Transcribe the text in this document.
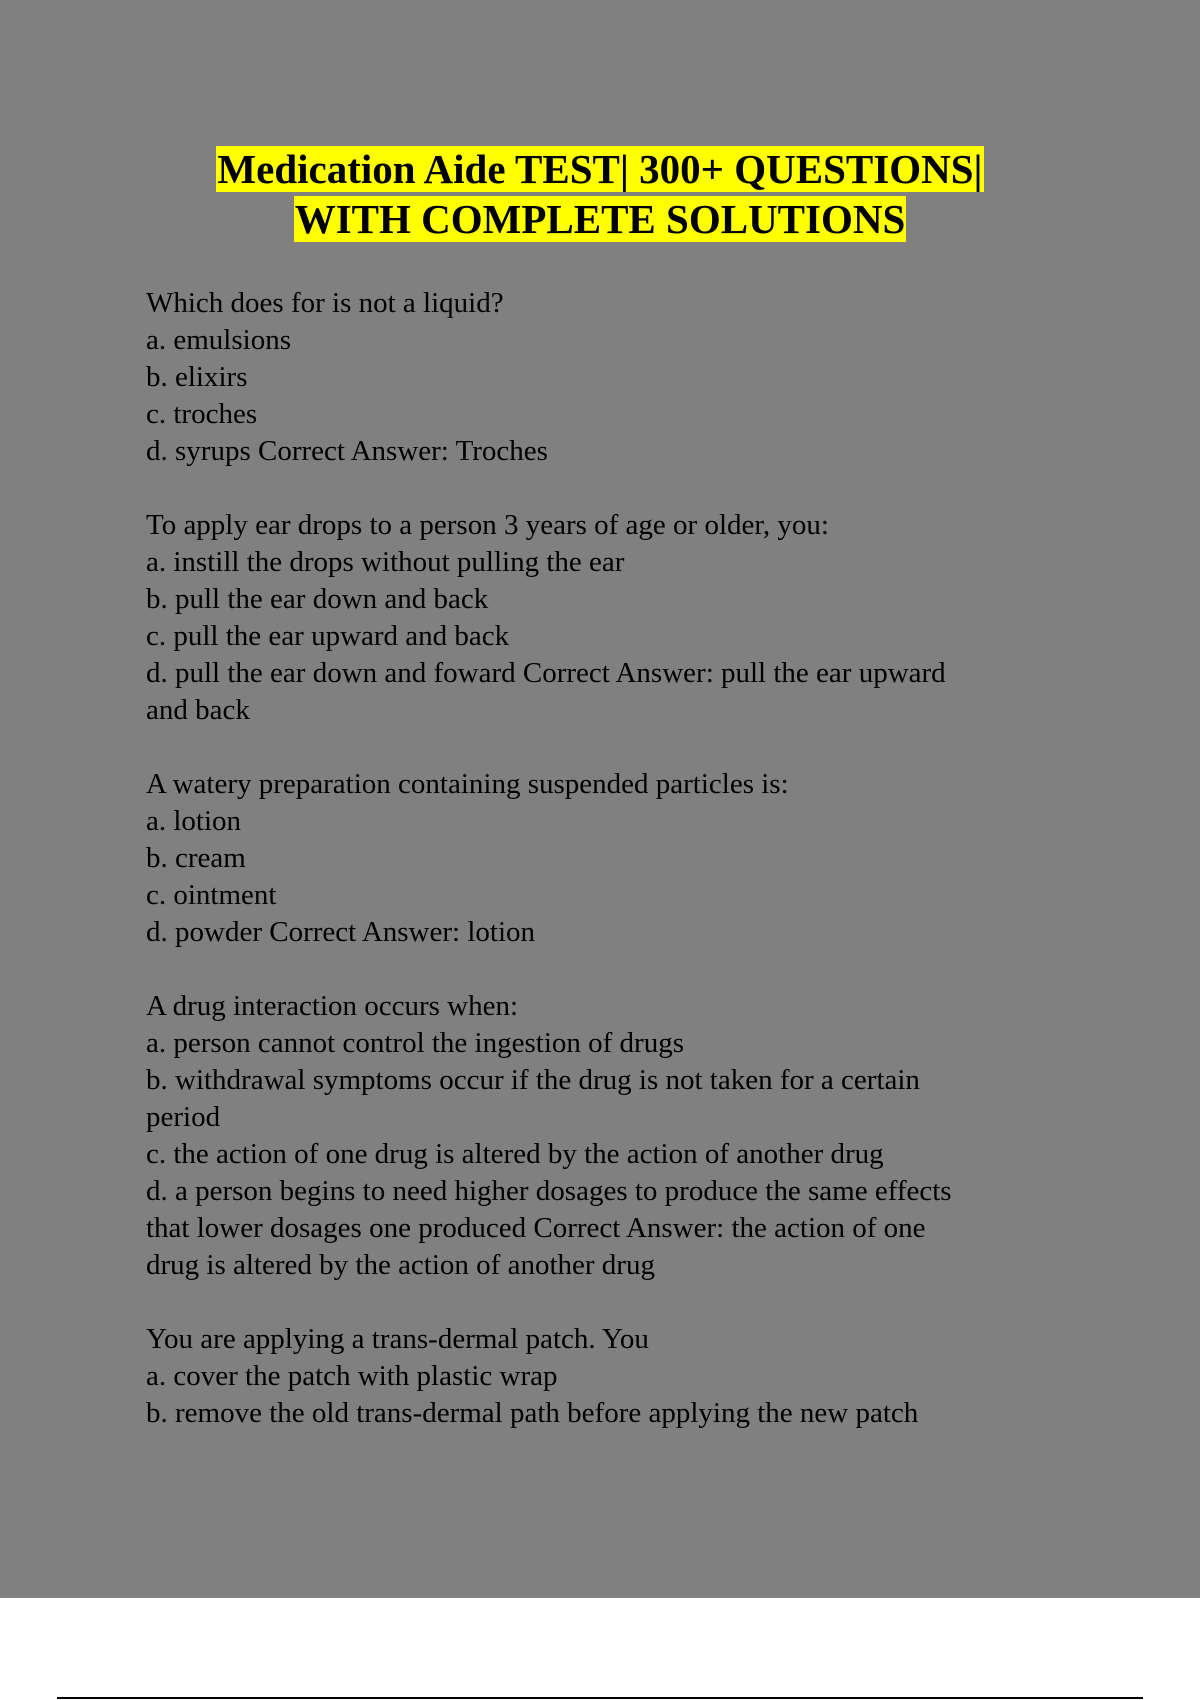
Medication Aide TEST| 300+ QUESTIONS|
WITH COMPLETE SOLUTIONS
Which does for is not a liquid?
a. emulsions
b. elixirs
c. troches
d. syrups Correct Answer: Troches
To apply ear drops to a person 3 years of age or older, you:
a. instill the drops without pulling the ear
b. pull the ear down and back
c. pull the ear upward and back
d. pull the ear down and foward Correct Answer: pull the ear upward
and back
A watery preparation containing suspended particles is:
a. lotion
b. cream
c. ointment
d. powder Correct Answer: lotion
A drug interaction occurs when:
a. person cannot control the ingestion of drugs
b. withdrawal symptoms occur if the drug is not taken for a certain
period
c. the action of one drug is altered by the action of another drug
d. a person begins to need higher dosages to produce the same effects
that lower dosages one produced Correct Answer: the action of one
drug is altered by the action of another drug
You are applying a trans-dermal patch. You
a. cover the patch with plastic wrap
b. remove the old trans-dermal path before applying the new patch
